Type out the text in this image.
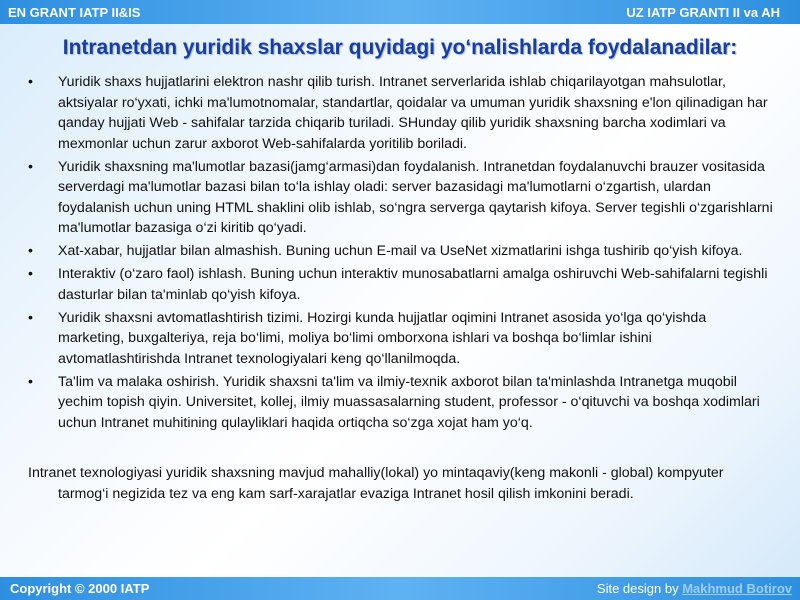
EN GRANT IATP II&IS	UZ IATP GRANTI II va AH
Intranetdan yuridik shaxslar quyidagi yo‘nalishlarda foydalanadilar:
•	Yuridik shaxs hujjatlarini elektron nashr qilib turish. Intranet serverlarida ishlab chiqarilayotgan mahsulotlar, aktsiyalar ro‘yxati, ichki ma'lumotnomalar, standartlar, qoidalar va umuman yuridik shaxsning e'lon qilinadigan har qanday hujjati Web - sahifalar tarzida chiqarib turiladi. SHunday qilib yuridik shaxsning barcha xodimlari va mexmonlar uchun zarur axborot Web-sahifalarda yoritilib boriladi.
•	Yuridik shaxsning ma'lumotlar bazasi(jamg‘armasi)dan foydalanish. Intranetdan foydalanuvchi brauzer vositasida serverdagi ma'lumotlar bazasi bilan to‘la ishlay oladi: server bazasidagi ma'lumotlarni o‘zgartish, ulardan foydalanish uchun uning HTML shaklini olib ishlab, so‘ngra serverga qaytarish kifoya. Server tegishli o‘zgarishlarni ma'lumotlar bazasiga o‘zi kiritib qo‘yadi.
•	Xat-xabar, hujjatlar bilan almashish. Buning uchun E-mail va UseNet xizmatlarini ishga tushirib qo‘yish kifoya.
•	Interaktiv (o‘zaro faol) ishlash. Buning uchun interaktiv munosabatlarni amalga oshiruvchi Web-sahifalarni tegishli dasturlar bilan ta'minlab qo‘yish kifoya.
•	Yuridik shaxsni avtomatlashtirish tizimi. Hozirgi kunda hujjatlar oqimini Intranet asosida yo‘lga qo‘yishda marketing, buxgalteriya, reja bo‘limi, moliya bo‘limi omborxona ishlari va boshqa bo‘limlar ishini avtomatlashtirishda Intranet texnologiyalari keng qo‘llanilmoqda.
•	Ta'lim va malaka oshirish. Yuridik shaxsni ta'lim va ilmiy-texnik axborot bilan ta'minlashda Intranetga muqobil yechim topish qiyin. Universitet, kollej, ilmiy muassasalarning student, professor - o‘qituvchi va boshqa xodimlari uchun Intranet muhitining qulayliklari haqida ortiqcha so‘zga xojat ham yo‘q.

Intranet texnologiyasi yuridik shaxsning mavjud mahalliy(lokal) yo mintaqaviy(keng makonli - global) kompyuter tarmog‘i negizida tez va eng kam sarf-xarajatlar evaziga Intranet hosil qilish imkonini beradi.

Copyright © 2000 IATP	Site design by Makhmud Botirov
